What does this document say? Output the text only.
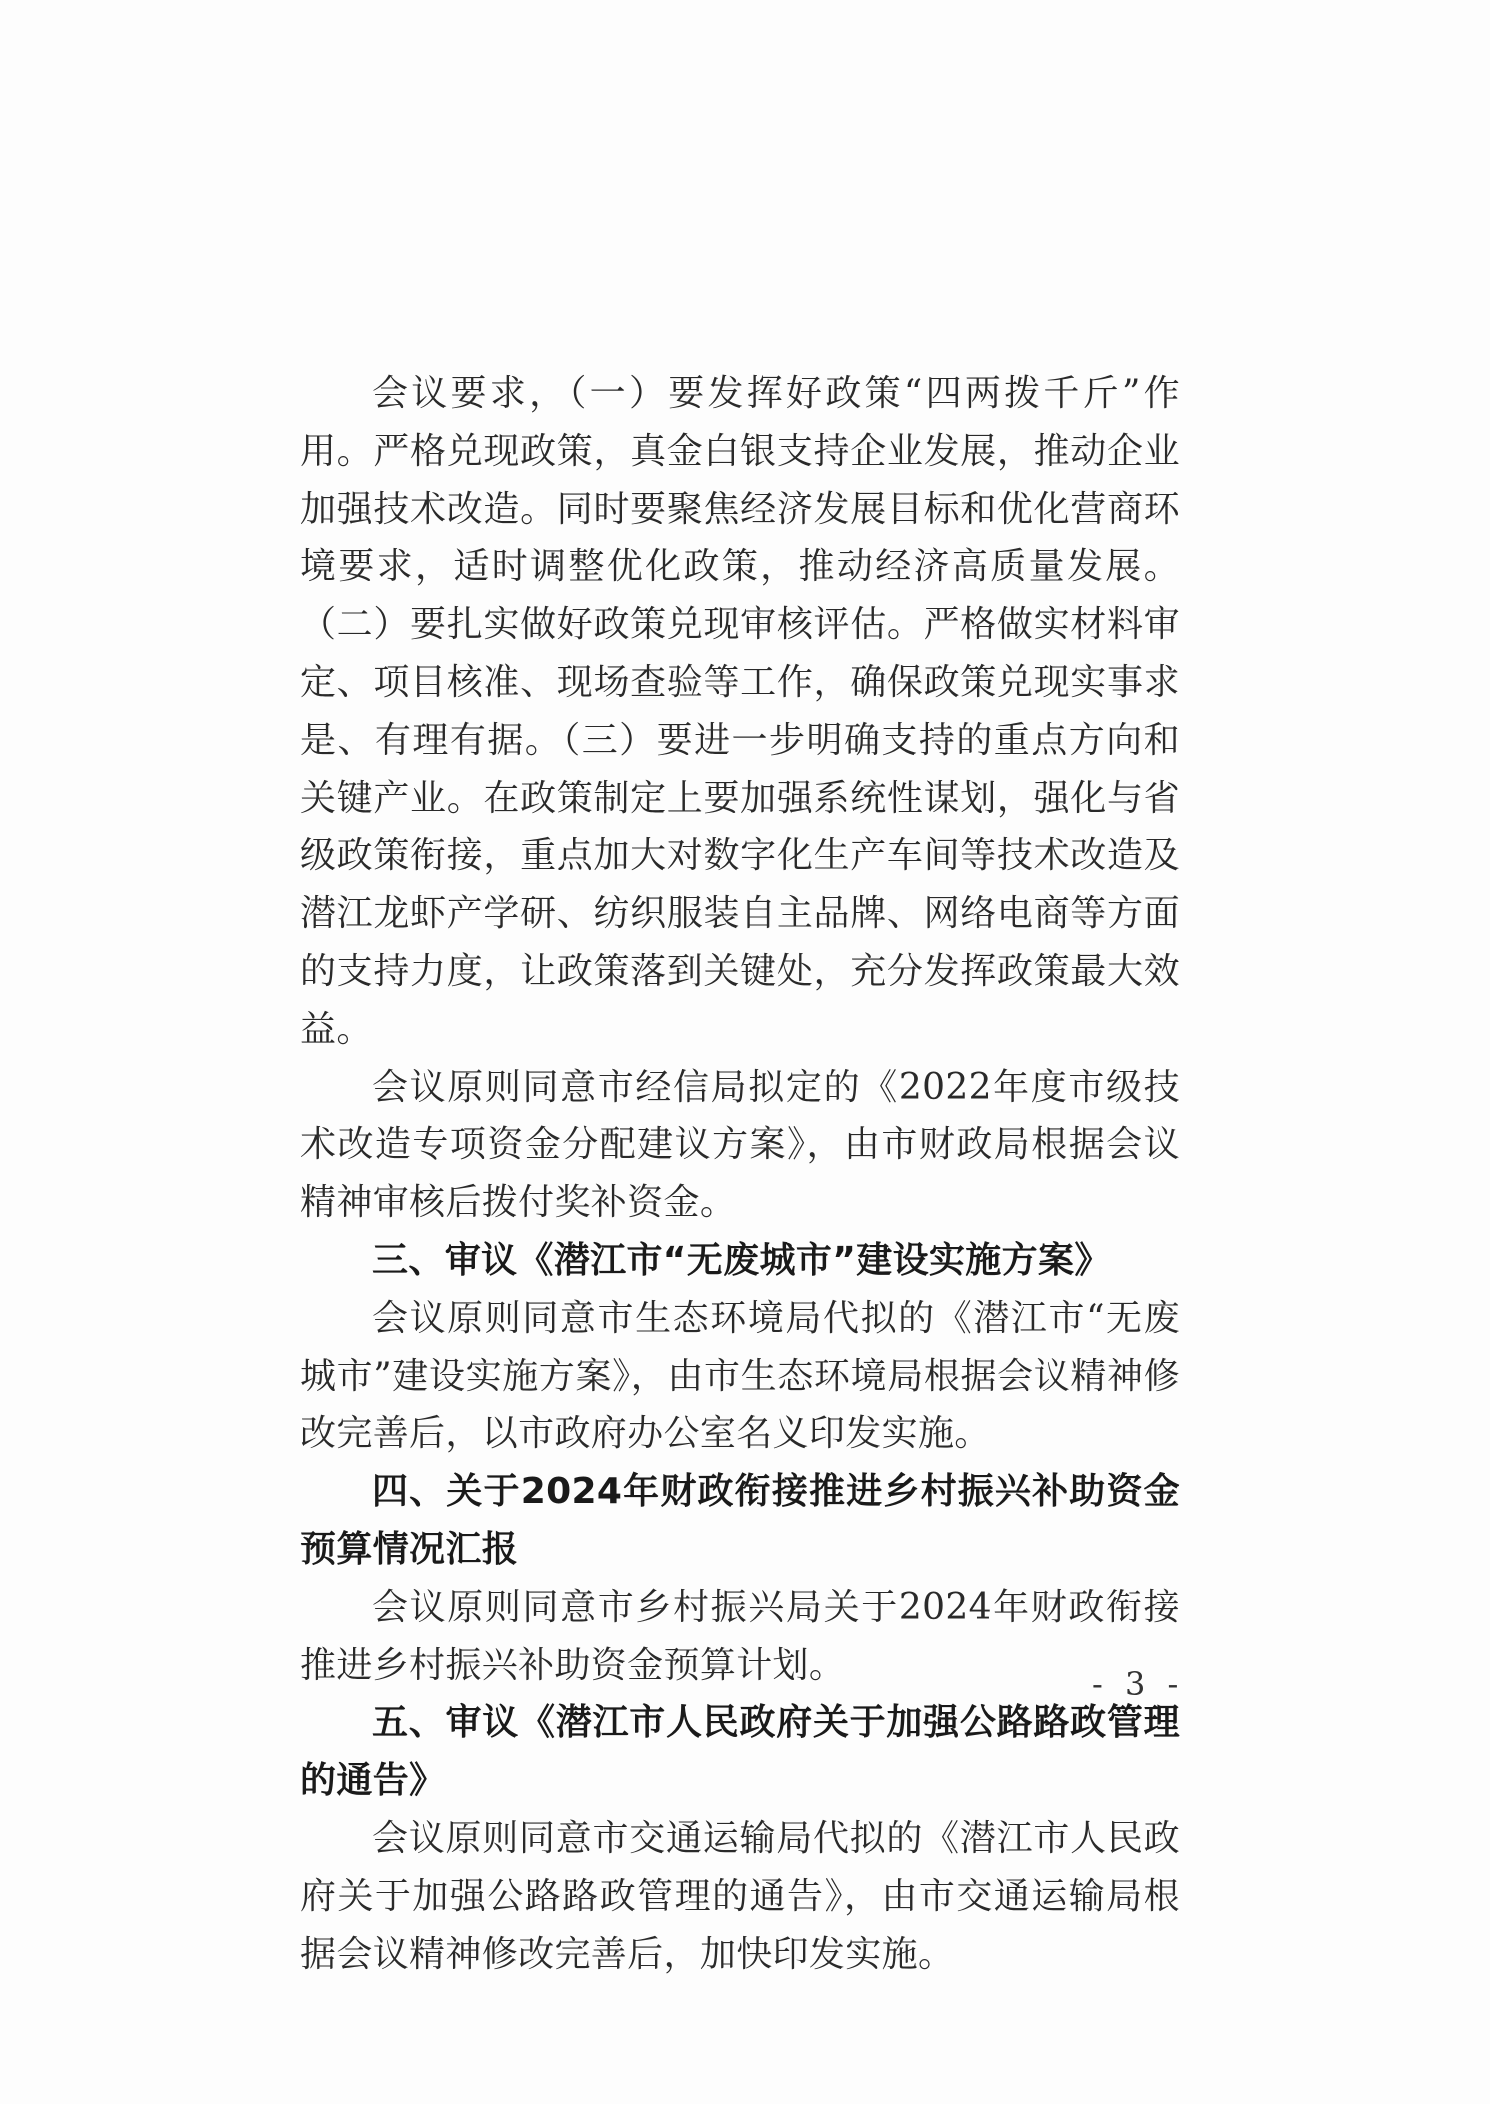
会议要求，（一）要发挥好政策“四两拨千斤”作用。严格兑现政策，真金白银支持企业发展，推动企业加强技术改造。同时要聚焦经济发展目标和优化营商环境要求，适时调整优化政策，推动经济高质量发展。（二）要扎实做好政策兑现审核评估。严格做实材料审定、项目核准、现场查验等工作，确保政策兑现实事求是、有理有据。（三）要进一步明确支持的重点方向和关键产业。在政策制定上要加强系统性谋划，强化与省级政策衔接，重点加大对数字化生产车间等技术改造及潜江龙虾产学研、纺织服装自主品牌、网络电商等方面的支持力度，让政策落到关键处，充分发挥政策最大效益。

会议原则同意市经信局拟定的《2022年度市级技术改造专项资金分配建议方案》，由市财政局根据会议精神审核后拨付奖补资金。

三、审议《潜江市“无废城市”建设实施方案》

会议原则同意市生态环境局代拟的《潜江市“无废城市”建设实施方案》，由市生态环境局根据会议精神修改完善后，以市政府办公室名义印发实施。

四、关于2024年财政衔接推进乡村振兴补助资金预算情况汇报

会议原则同意市乡村振兴局关于2024年财政衔接推进乡村振兴补助资金预算计划。

五、审议《潜江市人民政府关于加强公路路政管理的通告》

会议原则同意市交通运输局代拟的《潜江市人民政府关于加强公路路政管理的通告》，由市交通运输局根据会议精神修改完善后，加快印发实施。

- 3 -
